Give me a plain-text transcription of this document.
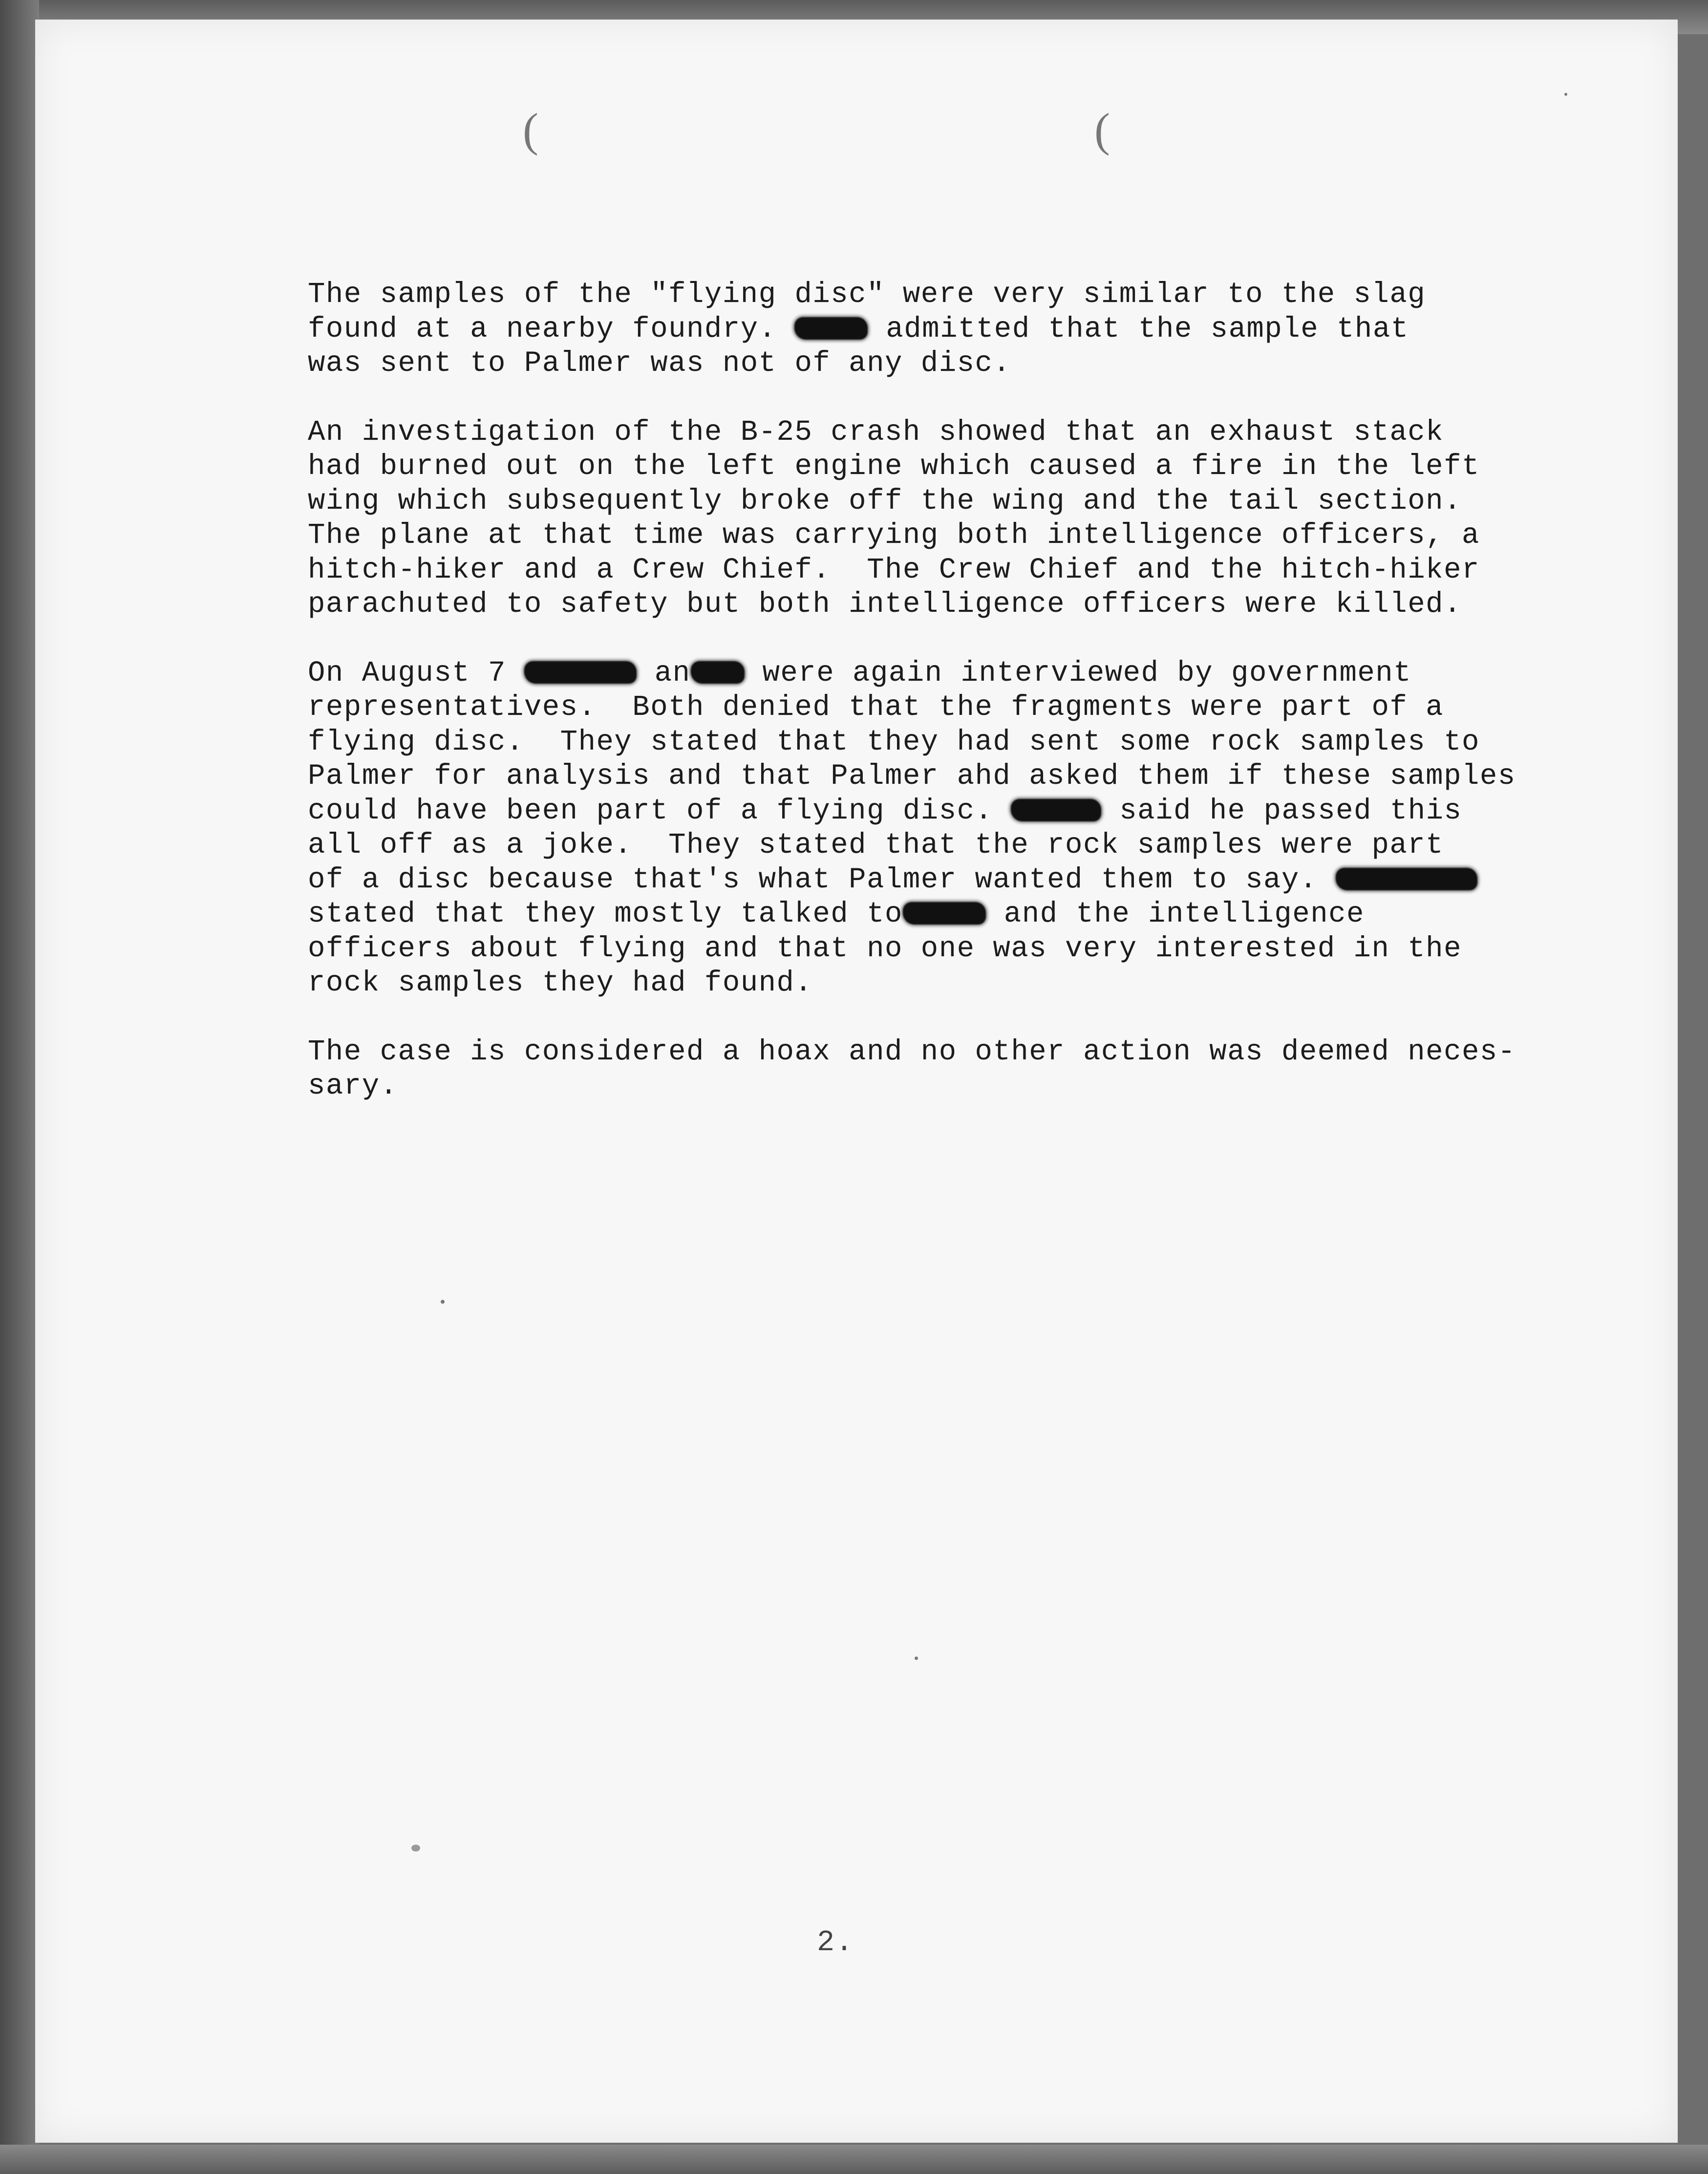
(	(
The samples of the "flying disc" were very similar to the slag
found at a nearby foundry.	admitted that the sample that
was sent to Palmer was not of any disc.
An investigation of the B-25 crash showed that an exhaust stack
had burned out on the left engine which caused a fire in the left
wing which subsequently broke off the wing and the tail section.
The plane at that time was carrying both intelligence officers, a
hitch-hiker and a Crew Chief.  The Crew Chief and the hitch-hiker
parachuted to safety but both intelligence officers were killed.
On August 7	an were again interviewed by government
representatives.  Both denied that the fragments were part of a
flying disc.  They stated that they had sent some rock samples to
Palmer for analysis and that Palmer ahd asked them if these samples
could have been part of a flying disc.	said he passed this
all off as a joke.  They stated that the rock samples were part
of a disc because that's what Palmer wanted them to say.
stated that they mostly talked to	and the intelligence
officers about flying and that no one was very interested in the
rock samples they had found.
The case is considered a hoax and no other action was deemed neces-
sary.
2.
